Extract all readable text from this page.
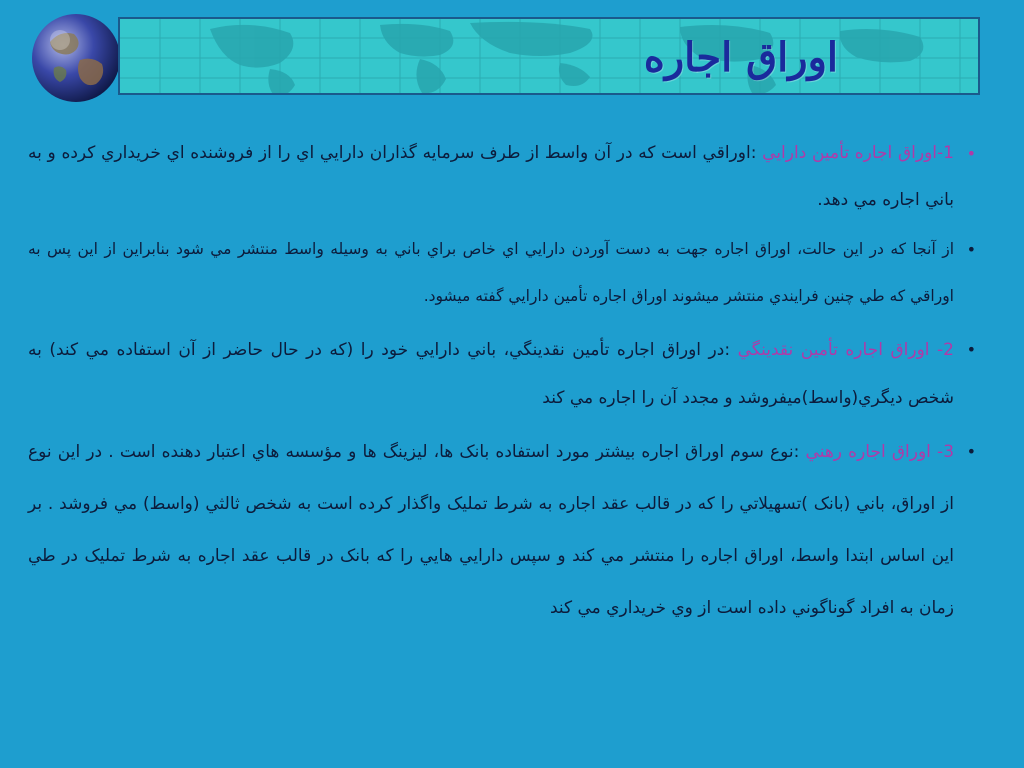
اوراق اجاره
•
1-اوراق اجاره تأمين دارايي :اوراقي است که در آن واسط از طرف سرمايه گذاران دارايي اي را از فروشنده اي خريداري کرده و به باني اجاره مي دهد.
•
از آنجا که در اين حالت، اوراق اجاره جهت به دست آوردن دارايي اي خاص براي باني به وسيله واسط منتشر مي شود بنابراين از اين پس به اوراقي که طي چنين فرايندي منتشر ميشوند اوراق اجاره تأمين دارايي گفته ميشود.
•
2- اوراق اجاره تأمين نقدينگي :در اوراق اجاره تأمين نقدينگي، باني دارايي خود را (که در حال حاضر از آن استفاده مي کند) به شخص ديگري(واسط)ميفروشد و مجدد آن را اجاره مي کند
•
3- اوراق اجاره رهني :نوع سوم اوراق اجاره بيشتر مورد استفاده بانک ها، ليزينگ ها و مؤسسه هاي اعتبار دهنده است . در اين نوع از اوراق، باني (بانک )تسهيلاتي را که در قالب عقد اجاره به شرط تمليک واگذار کرده است به شخص ثالثي (واسط) مي فروشد . بر اين اساس ابتدا واسط، اوراق اجاره را منتشر مي کند و سپس دارايي هايي را که بانک در قالب عقد اجاره به شرط تمليک در طي زمان به افراد گوناگوني داده است از وي خريداري مي کند
